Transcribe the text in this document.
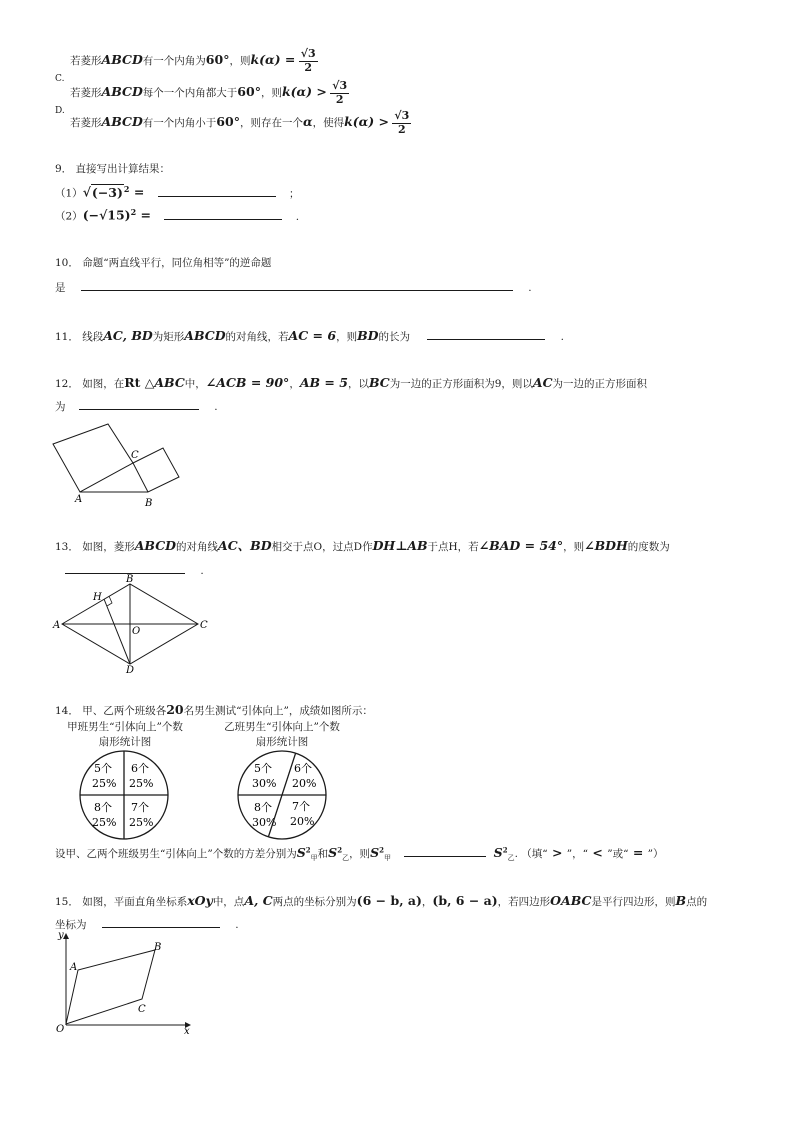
若菱形ABCD有一个内角为60°，则$k(\alpha) = \frac{√3}{2}$
C.
若菱形ABCD每个一个内角都大于60°，则$k(\alpha) > \frac{√3}{2}$
D.
若菱形ABCD有一个内角小于60°，则存在一个α，使得$k(\alpha) > \frac{√3}{2}$
9． 直接写出计算结果：
$(1)√(-3)^2$ =	；
$(2)(-√15)^2$ =	.
10． 命题“两直线平行，同位角相等”的逆命题
是	.
11． 线段AC, BD为矩形ABCD的对角线，若AC = 6，则BD的长为	.
12． 如图，在Rt △ABC中，∠ACB = 90°，AB = 5，以BC为一边的正方形面积为9，则以AC为一边的正方形面积
为	.
A	B
C
13． 如图，菱形ABCD的对角线AC、BD相交于点O，过点D作DH⊥AB于点H，若∠BAD = 54°，则∠BDH的度数为
.
A
B
C
D
H
O
14． 甲、乙两个班级各20名男生测试“引体向上”，成绩如图所示：
甲班男生“引体向上”个数
扇形统计图
乙班男生“引体向上”个数
扇形统计图
5个
25%
6个
25%
8个
25%
7个
25%
5个
30%
6个
20%
8个
30%
7个
20%
设甲、乙两个班级男生“引体向上”个数的方差分别为$S^2_甲$和$S^2_乙$，则$S^2_甲$	$S^2_乙$. （填“ > ”，“ < ”或“ = ”）
15． 如图，平面直角坐标系xOy中，点A, C两点的坐标分别为(6 − b, a)，(b, 6 − a)，若四边形OABC是平行四边形，则B点的
坐标为	.
y
x
O
A
B
C
